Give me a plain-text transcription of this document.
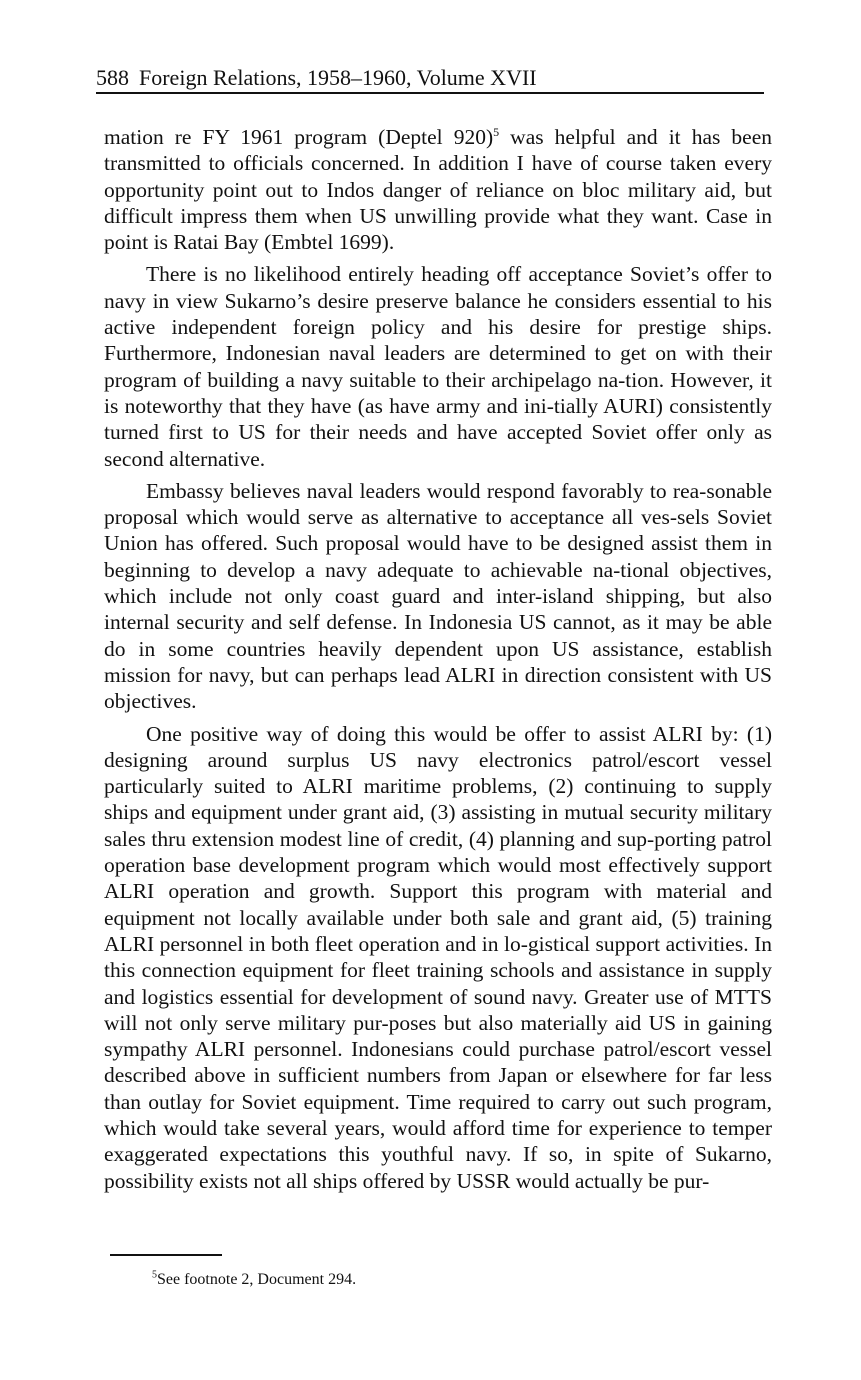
588 Foreign Relations, 1958–1960, Volume XVII

mation re FY 1961 program (Deptel 920)$^5$ was helpful and it has been transmitted to officials concerned. In addition I have of course taken every opportunity point out to Indos danger of reliance on bloc military aid, but difficult impress them when US unwilling provide what they want. Case in point is Ratai Bay (Embtel 1699).

There is no likelihood entirely heading off acceptance Soviet’s offer to navy in view Sukarno’s desire preserve balance he considers essential to his active independent foreign policy and his desire for prestige ships. Furthermore, Indonesian naval leaders are determined to get on with their program of building a navy suitable to their archipelago na-tion. However, it is noteworthy that they have (as have army and ini-tially AURI) consistently turned first to US for their needs and have accepted Soviet offer only as second alternative.

Embassy believes naval leaders would respond favorably to rea-sonable proposal which would serve as alternative to acceptance all ves-sels Soviet Union has offered. Such proposal would have to be designed assist them in beginning to develop a navy adequate to achievable na-tional objectives, which include not only coast guard and inter-island shipping, but also internal security and self defense. In Indonesia US cannot, as it may be able do in some countries heavily dependent upon US assistance, establish mission for navy, but can perhaps lead ALRI in direction consistent with US objectives.

One positive way of doing this would be offer to assist ALRI by: (1) designing around surplus US navy electronics patrol/escort vessel particularly suited to ALRI maritime problems, (2) continuing to supply ships and equipment under grant aid, (3) assisting in mutual security military sales thru extension modest line of credit, (4) planning and sup-porting patrol operation base development program which would most effectively support ALRI operation and growth. Support this program with material and equipment not locally available under both sale and grant aid, (5) training ALRI personnel in both fleet operation and in lo-gistical support activities. In this connection equipment for fleet training schools and assistance in supply and logistics essential for development of sound navy. Greater use of MTTS will not only serve military pur-poses but also materially aid US in gaining sympathy ALRI personnel. Indonesians could purchase patrol/escort vessel described above in sufficient numbers from Japan or elsewhere for far less than outlay for Soviet equipment. Time required to carry out such program, which would take several years, would afford time for experience to temper exaggerated expectations this youthful navy. If so, in spite of Sukarno, possibility exists not all ships offered by USSR would actually be pur-

$^5$See footnote 2, Document 294.
